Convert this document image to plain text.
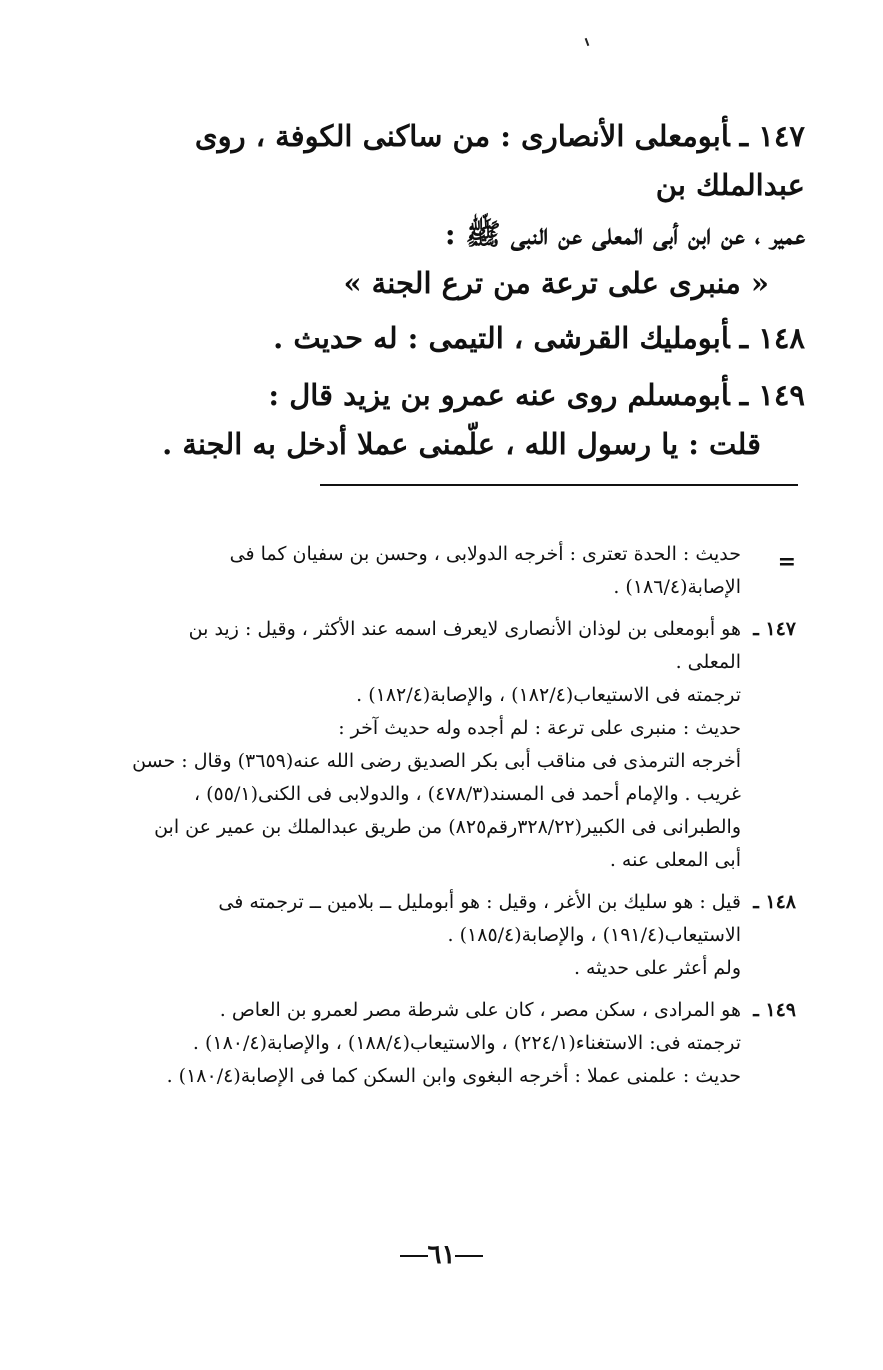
١٤٧ ـأبومعلى الأنصارى : من ساكنى الكوفة ، روى عبدالملك بن
عمير ، عن ابن أبى المعلى عن النبى ﷺ :
« منبرى على ترعة من ترع الجنة »
١٤٨ ـأبومليك القرشى ، التيمى : له حديث .
١٤٩ ـأبومسلم روى عنه عمرو بن يزيد قال :
قلت : يا رسول الله ، علّمنى عملا أدخل به الجنة .
=
حديث : الحدة تعترى : أخرجه الدولابى ، وحسن بن سفيان كما فى
الإصابة(١٨٦/٤) .
١٤٧ ـ
هو أبومعلى بن لوذان الأنصارى لايعرف اسمه عند الأكثر ، وقيل : زيد بن
المعلى .
ترجمته فى الاستيعاب(١٨٢/٤) ، والإصابة(١٨٢/٤) .
حديث : منبرى على ترعة : لم أجده وله حديث آخر :
أخرجه الترمذى فى مناقب أبى بكر الصديق رضى الله عنه(٣٦٥٩) وقال : حسن
غريب . والإمام أحمد فى المسند(٤٧٨/٣) ، والدولابى فى الكنى(٥٥/١) ،
والطبرانى فى الكبير(٣٢٨/٢٢رقم٨٢٥) من طريق عبدالملك بن عمير عن ابن
أبى المعلى عنه .
١٤٨ ـ
قيل : هو سليك بن الأغر ، وقيل : هو أبومليل ــ بلامين ــ ترجمته فى
الاستيعاب(١٩١/٤) ، والإصابة(١٨٥/٤) .
ولم أعثر على حديثه .
١٤٩ ـ
هو المرادى ، سكن مصر ، كان على شرطة مصر لعمرو بن العاص .
ترجمته فى: الاستغناء(٢٢٤/١) ، والاستيعاب(١٨٨/٤) ، والإصابة(١٨٠/٤) .
حديث : علمنى عملا : أخرجه البغوى وابن السكن كما فى الإصابة(١٨٠/٤) .
٦١
